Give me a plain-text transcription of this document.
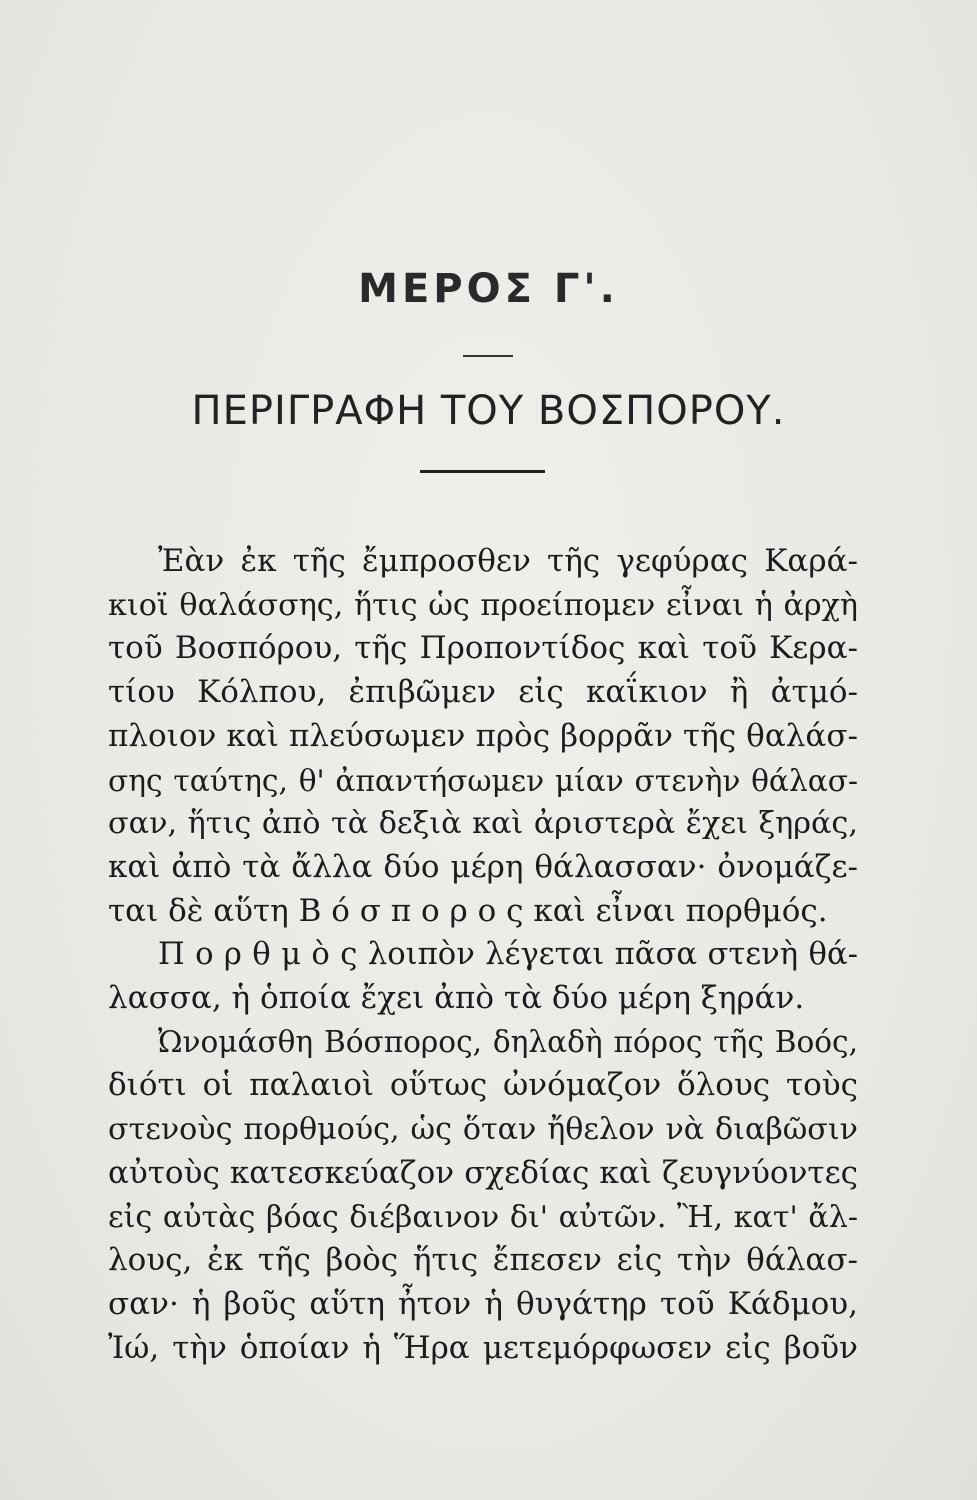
ΜΕΡΟΣ Γ'.
ΠΕΡΙΓΡΑΦΗ ΤΟΥ ΒΟΣΠΟΡΟΥ.
Ἐὰν ἐκ τῆς ἔμπροσθεν τῆς γεφύρας Καρά-
κιοϊ θαλάσσης, ἥτις ὡς προείπομεν εἶναι ἡ ἀρχὴ
τοῦ Βοσπόρου, τῆς Προποντίδος καὶ τοῦ Κερα-
τίου Κόλπου, ἐπιβῶμεν εἰς καΐκιον ἢ ἀτμό-
πλοιον καὶ πλεύσωμεν πρὸς βορρᾶν τῆς θαλάσ-
σης ταύτης, θ' ἀπαντήσωμεν μίαν στενὴν θάλασ-
σαν, ἥτις ἀπὸ τὰ δεξιὰ καὶ ἀριστερὰ ἔχει ξηράς,
καὶ ἀπὸ τὰ ἄλλα δύο μέρη θάλασσαν· ὀνομάζε-
ται δὲ αὕτη Β ό σ π ο ρ ο ς καὶ εἶναι πορθμός.
Π ο ρ θ μ ὸ ς λοιπὸν λέγεται πᾶσα στενὴ θά-
λασσα, ἡ ὁποία ἔχει ἀπὸ τὰ δύο μέρη ξηράν.
Ὠνομάσθη Βόσπορος, δηλαδὴ πόρος τῆς Βοός,
διότι οἱ παλαιοὶ οὕτως ὠνόμαζον ὅλους τοὺς
στενοὺς πορθμούς, ὡς ὅταν ἤθελον νὰ διαβῶσιν
αὐτοὺς κατεσκεύαζον σχεδίας καὶ ζευγνύοντες
εἰς αὐτὰς βόας διέβαινον δι' αὐτῶν. Ἢ, κατ' ἄλ-
λους, ἐκ τῆς βοὸς ἥτις ἔπεσεν εἰς τὴν θάλασ-
σαν· ἡ βοῦς αὕτη ἦτον ἡ θυγάτηρ τοῦ Κάδμου,
Ἰώ, τὴν ὁποίαν ἡ Ἥρα μετεμόρφωσεν εἰς βοῦν
